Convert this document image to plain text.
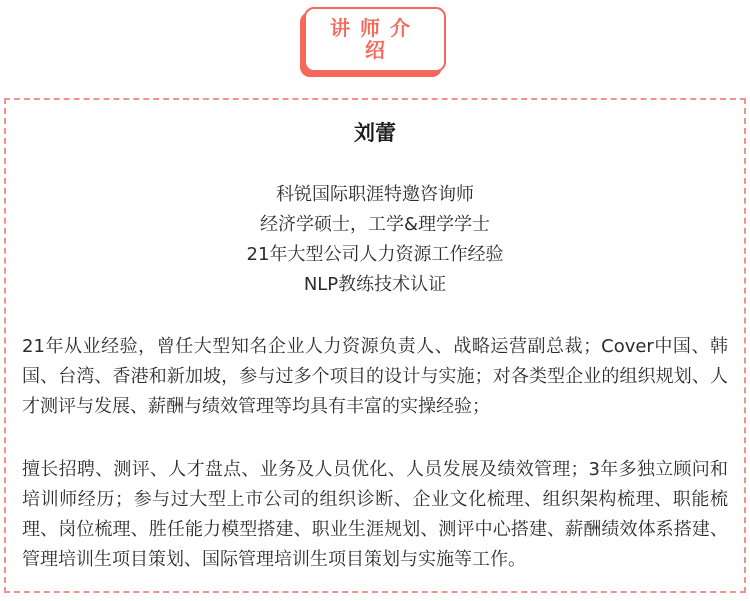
讲师介绍
刘蕾
科锐国际职涯特邀咨询师
经济学硕士，工学&理学学士
21年大型公司人力资源工作经验
NLP教练技术认证

21年从业经验，曾任大型知名企业人力资源负责人、战略运营副总裁；Cover中国、韩国、台湾、香港和新加坡，参与过多个项目的设计与实施；对各类型企业的组织规划、人才测评与发展、薪酬与绩效管理等均具有丰富的实操经验；

擅长招聘、测评、人才盘点、业务及人员优化、人员发展及绩效管理；3年多独立顾问和培训师经历；参与过大型上市公司的组织诊断、企业文化梳理、组织架构梳理、职能梳理、岗位梳理、胜任能力模型搭建、职业生涯规划、测评中心搭建、薪酬绩效体系搭建、管理培训生项目策划、国际管理培训生项目策划与实施等工作。
